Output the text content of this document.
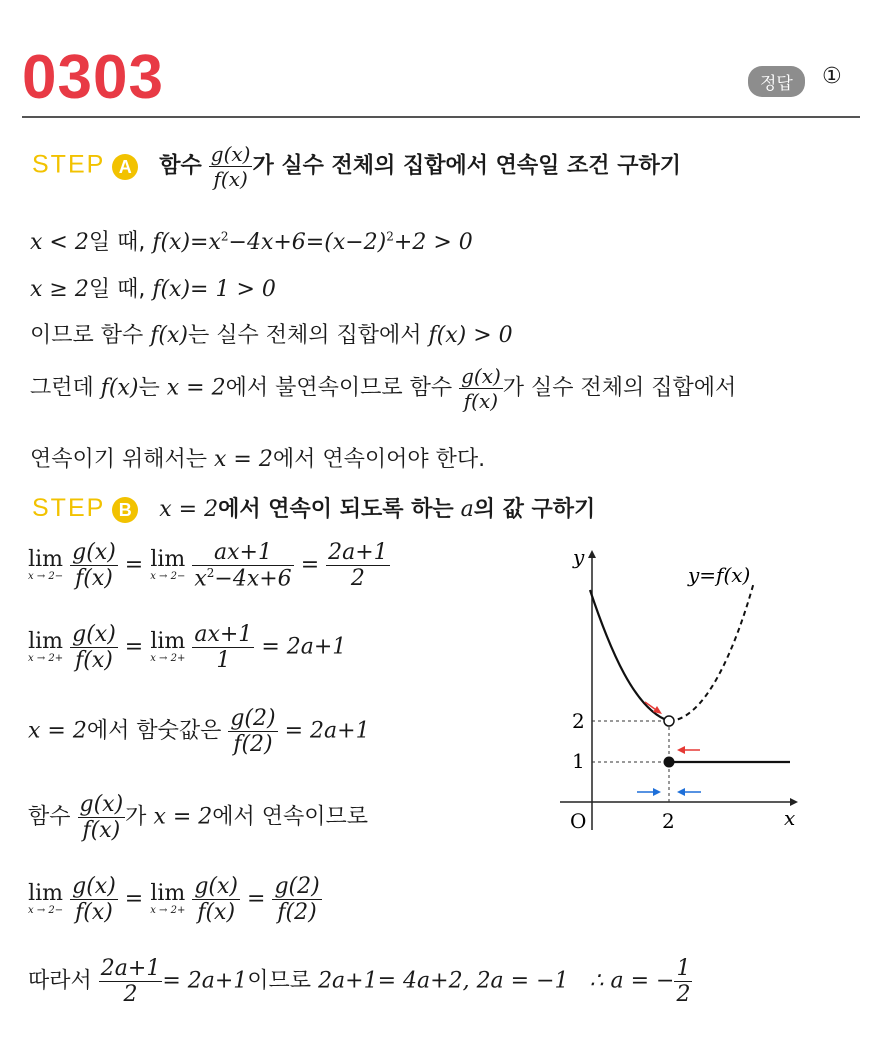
0303	정답	①
STEP A 함수 $\frac{g(x)}{f(x)}$ 가 실수 전체의 집합에서 연속일 조건 구하기
x < 2일 때, $f(x)=x^2-4x+6=(x-2)^2+2 > 0$
x ≥ 2일 때, f(x)= 1 > 0
이므로 함수 f(x)는 실수 전체의 집합에서 f(x) > 0
그런데 f(x)는 x = 2에서 불연속이므로 함수 $\frac{g(x)}{f(x)}$ 가 실수 전체의 집합에서
연속이기 위해서는 x = 2에서 연속이어야 한다.
STEP B x = 2에서 연속이 되도록 하는 a의 값 구하기
lim
x → 2−
$\frac{g(x)}{f(x)} = \lim$
x → 2−
$\frac{ax+1}{x^2-4x+6} = \frac{2a+1}{2}$
lim
x → 2+
$\frac{g(x)}{f(x)} = \lim$
x → 2+
$\frac{ax+1}{1} = 2a+1$
x = 2에서 함숫값은 $\frac{g(2)}{f(2)} = 2a+1$
함수 $\frac{g(x)}{f(x)}$ 가 x = 2에서 연속이므로
lim
x → 2−
$\frac{g(x)}{f(x)} = \lim$
x → 2+
$\frac{g(x)}{f(x)} = \frac{g(2)}{f(2)}$
따라서 $\frac{2a+1}{2} = 2a+1$이므로 2a+1= 4a+2, 2a = −1 ∴ a = − $\frac{1}{2}$
y
x
O	2
1
2
y=f(x)
